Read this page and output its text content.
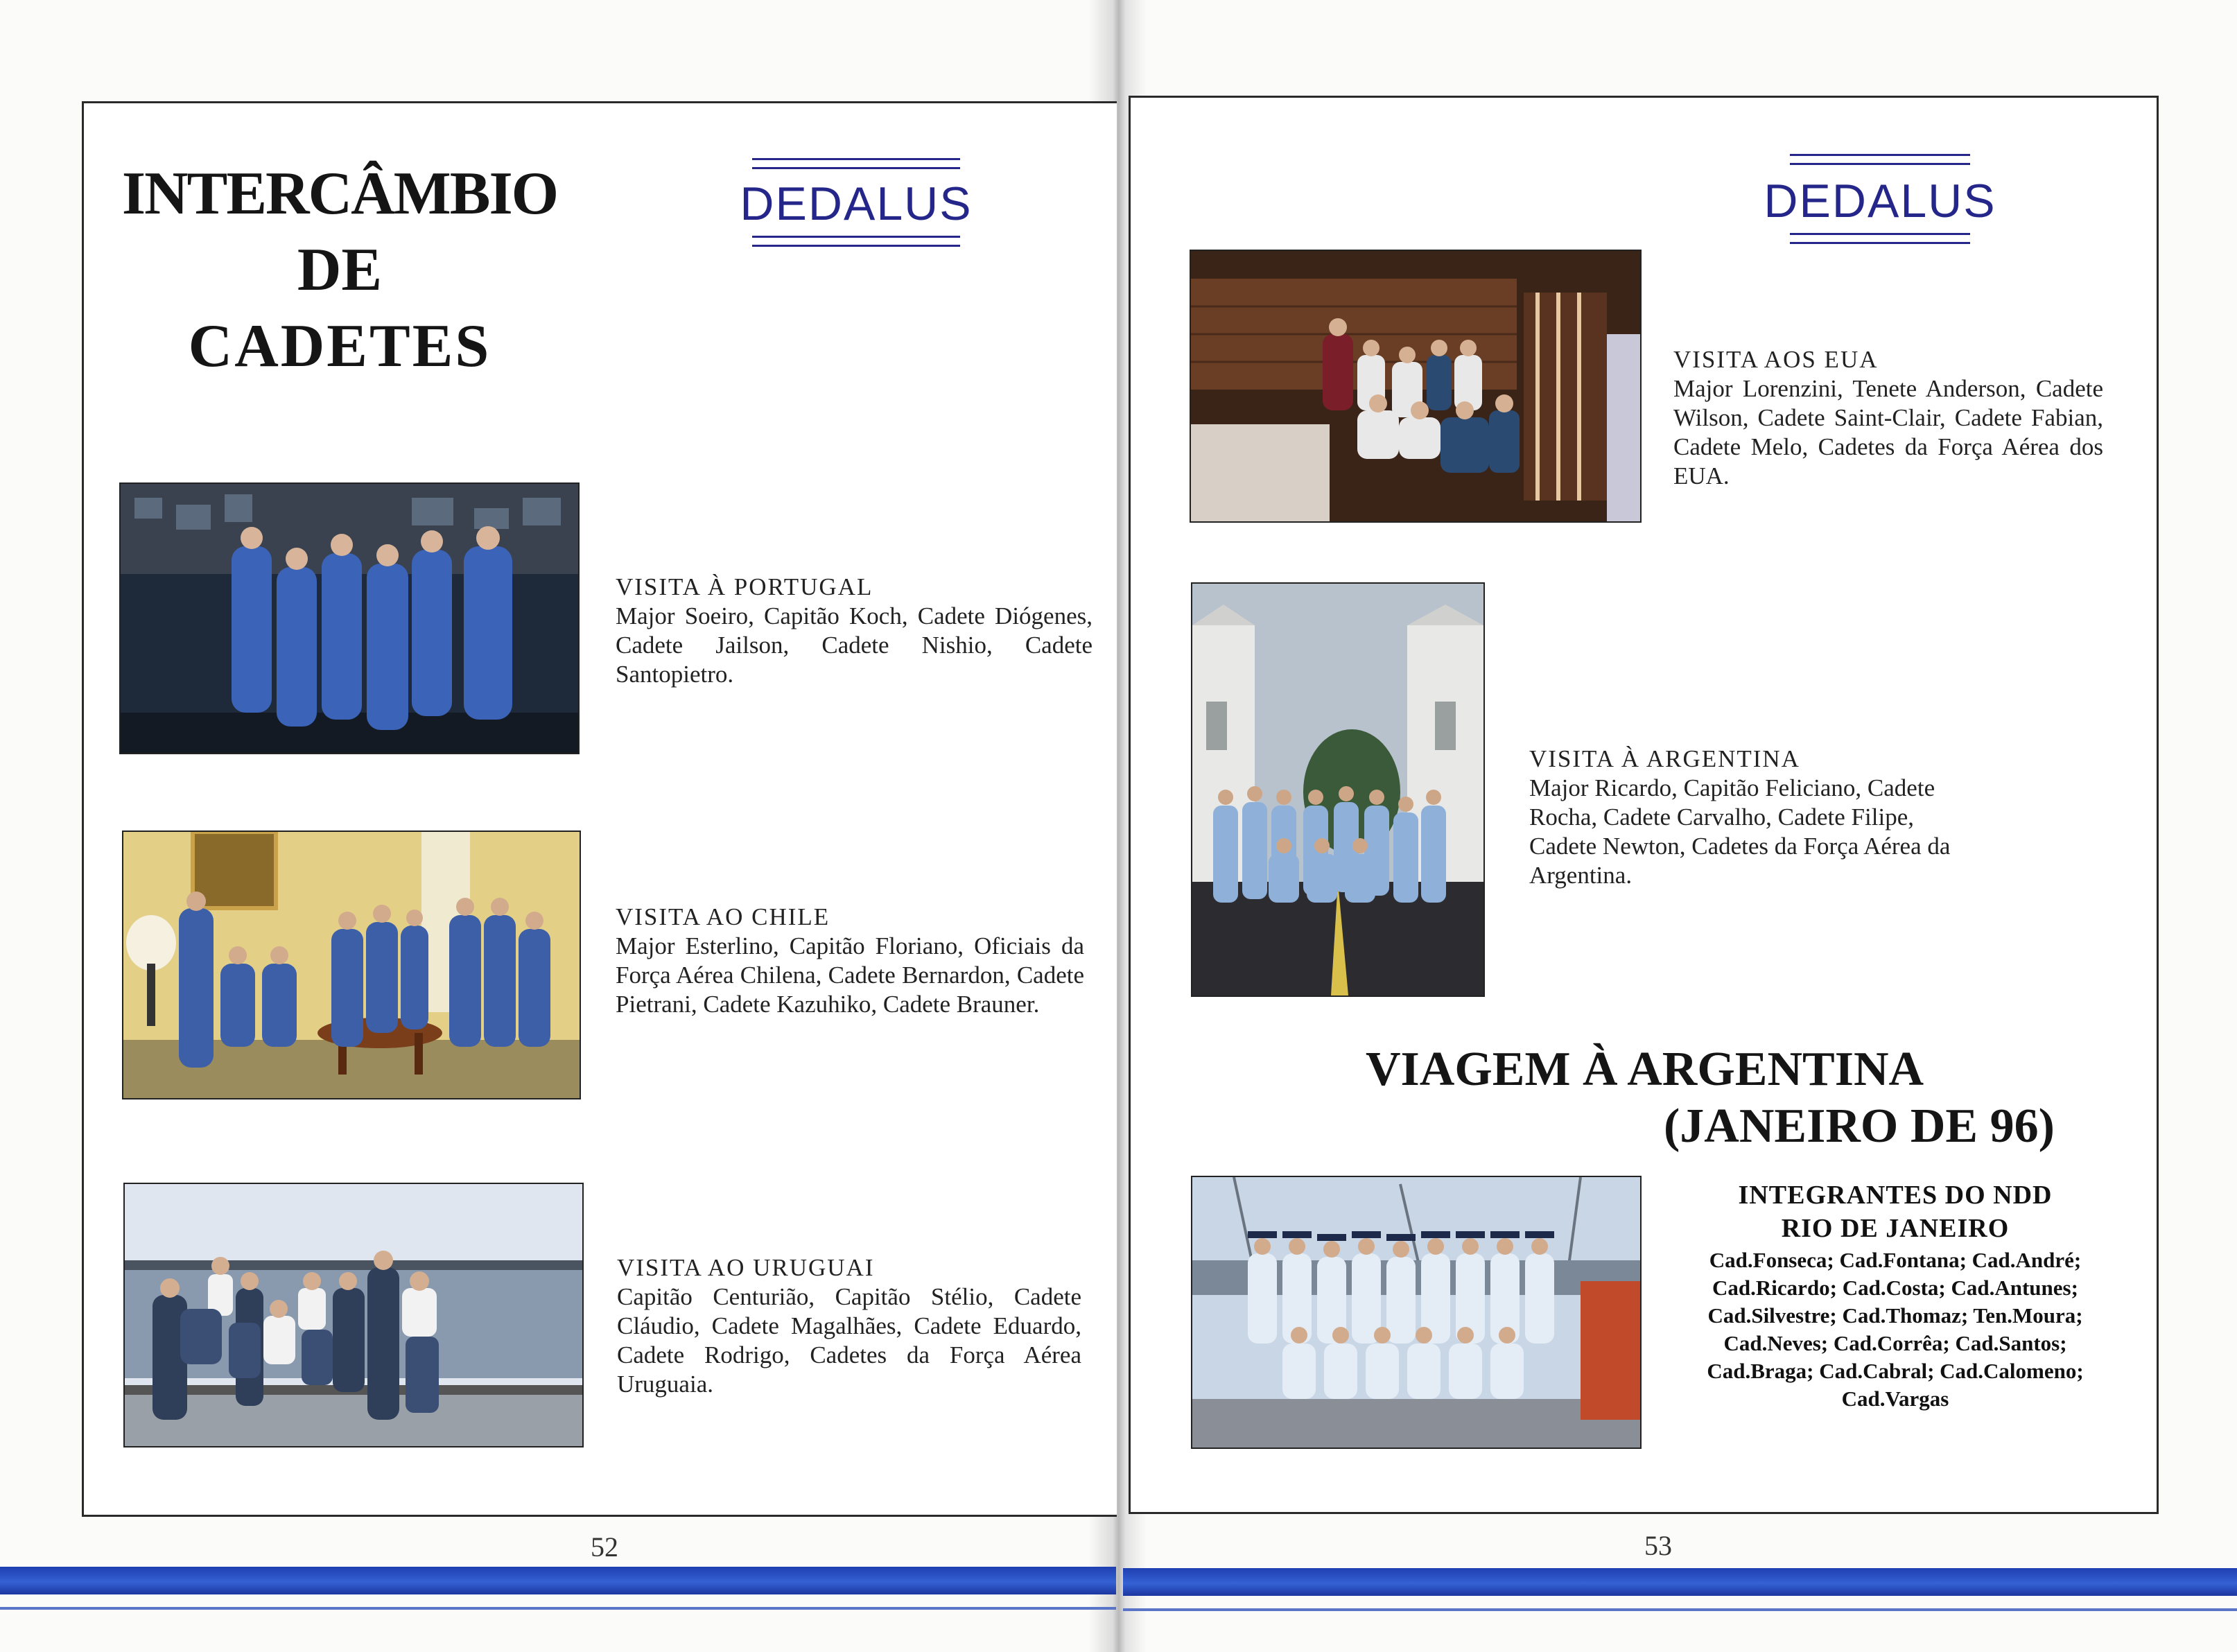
INTERCÂMBIO
DE
CADETES
DEDALUS
VISITA À PORTUGAL
Major Soeiro, Capitão Koch, Cadete Diógenes, Cadete Jailson, Cadete Nishio, Cadete Santopietro.
VISITA AO CHILE
Major Esterlino, Capitão Floriano, Oficiais da Força Aérea Chilena, Cadete Bernardon, Cadete Pietrani, Cadete Kazuhiko, Cadete Brauner.
VISITA AO URUGUAI
Capitão Centurião, Capitão Stélio, Cadete Cláudio, Cadete Magalhães, Cadete Eduardo, Cadete Rodrigo, Cadetes da Força Aérea Uruguaia.
52
DEDALUS
VISITA AOS EUA
Major Lorenzini, Tenete Anderson, Cadete Wilson, Cadete Saint-Clair, Cadete Fabian, Cadete Melo, Cadetes da Força Aérea dos EUA.
VISITA À ARGENTINA
Major Ricardo, Capitão Feliciano, Cadete Rocha, Cadete Carvalho, Cadete Filipe, Cadete Newton, Cadetes da Força Aérea da Argentina.
VIAGEM À ARGENTINA
(JANEIRO DE 96)
INTEGRANTES DO NDD
RIO DE JANEIRO
Cad.Fonseca; Cad.Fontana; Cad.André;
Cad.Ricardo; Cad.Costa; Cad.Antunes;
Cad.Silvestre; Cad.Thomaz; Ten.Moura;
Cad.Neves; Cad.Corrêa; Cad.Santos;
Cad.Braga; Cad.Cabral; Cad.Calomeno;
Cad.Vargas
53
